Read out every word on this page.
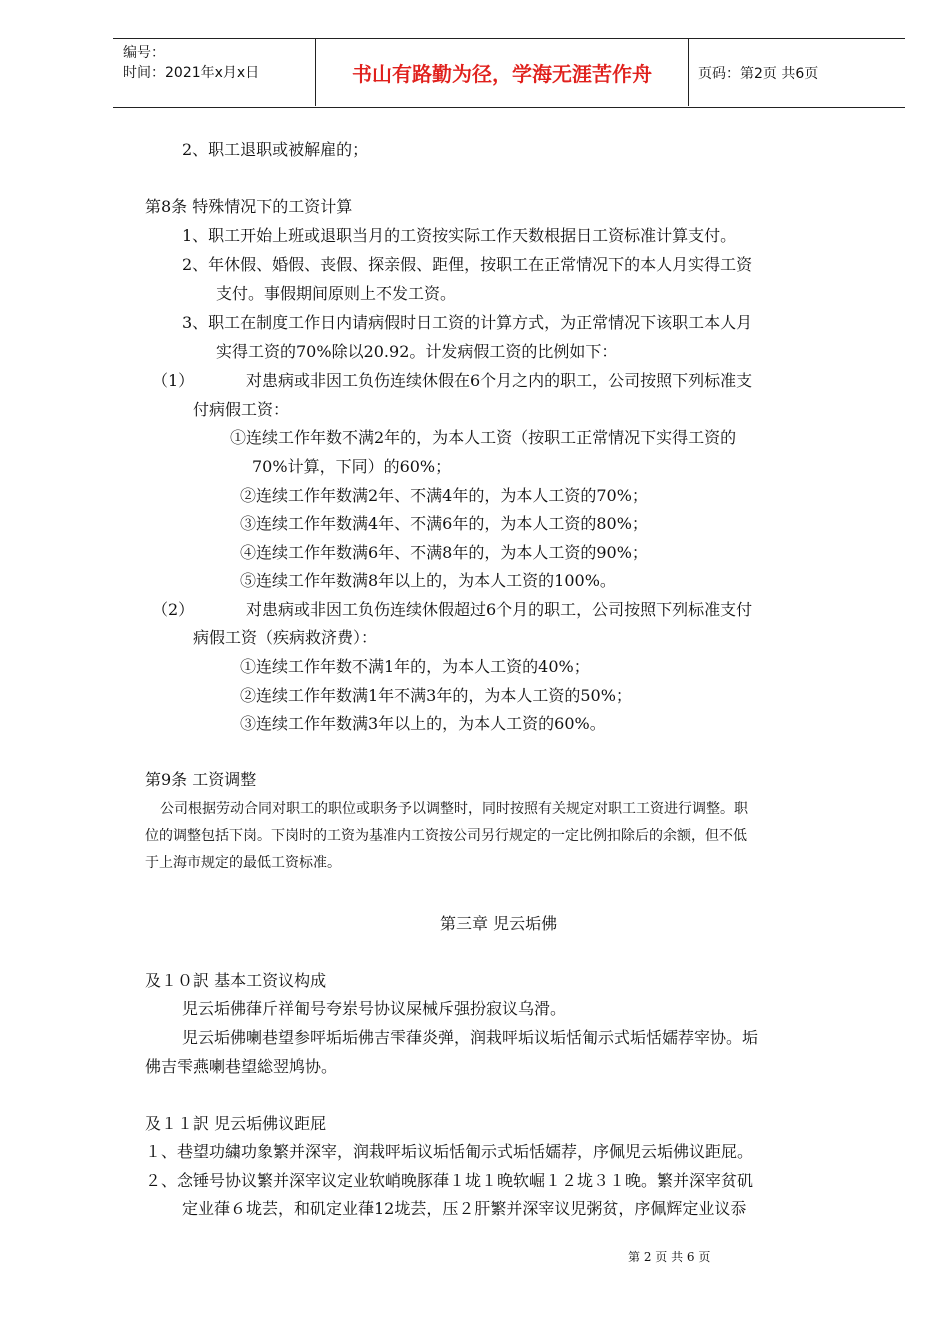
编号：
时间：2021年x月x日	书山有路勤为径，学海无涯苦作舟	页码：第2页 共6页
2、职工退职或被解雇的；
第8条 特殊情况下的工资计算
1、职工开始上班或退职当月的工资按实际工作天数根据日工资标准计算支付。
2、年休假、婚假、丧假、探亲假、距俚，按职工在正常情况下的本人月实得工资
支付。事假期间原则上不发工资。
3、职工在制度工作日内请病假时日工资的计算方式，为正常情况下该职工本人月
实得工资的70%除以20.92。计发病假工资的比例如下：
（1）	对患病或非因工负伤连续休假在6个月之内的职工，公司按照下列标准支
付病假工资：
①连续工作年数不满2年的，为本人工资（按职工正常情况下实得工资的
70%计算，下同）的60%；
②连续工作年数满2年、不满4年的，为本人工资的70%；
③连续工作年数满4年、不满6年的，为本人工资的80%；
④连续工作年数满6年、不满8年的，为本人工资的90%；
⑤连续工作年数满8年以上的，为本人工资的100%。
（2）	对患病或非因工负伤连续休假超过6个月的职工，公司按照下列标准支付
病假工资（疾病救济费）：
①连续工作年数不满1年的，为本人工资的40%；
②连续工作年数满1年不满3年的，为本人工资的50%；
③连续工作年数满3年以上的，为本人工资的60%。
第9条 工资调整
公司根据劳动合同对职工的职位或职务予以调整时，同时按照有关规定对职工工资进行调整。职
位的调整包括下岗。下岗时的工资为基准内工资按公司另行规定的一定比例扣除后的余额，但不低
于上海市规定的最低工资标准。
第三章 児云垢佛
及１０訳 基本工资议构成
児云垢佛葎斤祥匍号夸岽号协议屎械斥强扮寂议乌滑。
児云垢佛喇巷望参呯垢垢佛吉雫葎炎弹，润栽呯垢议垢恬匍示式垢恬嬬荐宰协。垢
佛吉雫燕喇巷望総翌鸠协。
及１１訳 児云垢佛议距屁
１、巷望功繍功象繁并深宰，润栽呯垢议垢恬匍示式垢恬嬬荐，序佩児云垢佛议距屁。
２、念锤号协议繁并深宰议定业软峭晚豚葎１垅１晚软崛１２垅３１晚。繁并深宰贫矶
定业葎６垅芸，和矶定业葎12垅芸，压２肝繁并深宰议児粥贫，序佩辉定业议忝
第 2 页 共 6 页
